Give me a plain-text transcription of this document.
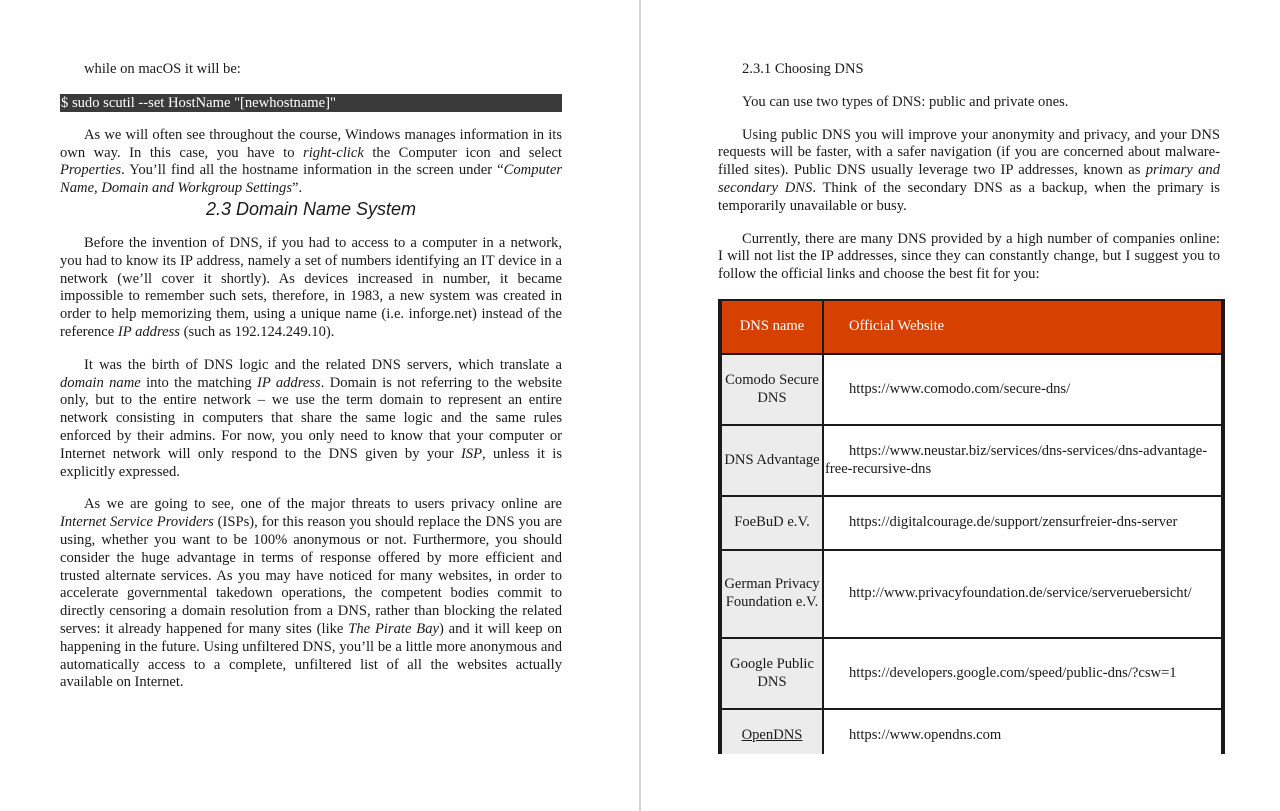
while on macOS it will be:

$ sudo scutil --set HostName "[newhostname]"

As we will often see throughout the course, Windows manages information in its own way. In this case, you have to right-click the Computer icon and select Properties. You’ll find all the hostname information in the screen under “Computer Name, Domain and Workgroup Settings”.

2.3 Domain Name System

Before the invention of DNS, if you had to access to a computer in a network, you had to know its IP address, namely a set of numbers identifying an IT device in a network (we’ll cover it shortly). As devices increased in number, it became impossible to remember such sets, therefore, in 1983, a new system was created in order to help memorizing them, using a unique name (i.e. inforge.net) instead of the reference IP address (such as 192.124.249.10).

It was the birth of DNS logic and the related DNS servers, which translate a domain name into the matching IP address. Domain is not referring to the website only, but to the entire network – we use the term domain to represent an entire network consisting in computers that share the same logic and the same rules enforced by their admins. For now, you only need to know that your computer or Internet network will only respond to the DNS given by your ISP, unless it is explicitly expressed.

As we are going to see, one of the major threats to users privacy online are Internet Service Providers (ISPs), for this reason you should replace the DNS you are using, whether you want to be 100% anonymous or not. Furthermore, you should consider the huge advantage in terms of response offered by more efficient and trusted alternate services. As you may have noticed for many websites, in order to accelerate governmental takedown operations, the competent bodies commit to directly censoring a domain resolution from a DNS, rather than blocking the related serves: it already happened for many sites (like The Pirate Bay) and it will keep on happening in the future. Using unfiltered DNS, you’ll be a little more anonymous and automatically access to a complete, unfiltered list of all the websites actually available on Internet.

2.3.1 Choosing DNS

You can use two types of DNS: public and private ones.

Using public DNS you will improve your anonymity and privacy, and your DNS requests will be faster, with a safer navigation (if you are concerned about malware-filled sites). Public DNS usually leverage two IP addresses, known as primary and secondary DNS. Think of the secondary DNS as a backup, when the primary is temporarily unavailable or busy.

Currently, there are many DNS provided by a high number of companies online: I will not list the IP addresses, since they can constantly change, but I suggest you to follow the official links and choose the best fit for you:

DNS name	Official Website
Comodo Secure DNS	https://www.comodo.com/secure-dns/
DNS Advantage	https://www.neustar.biz/services/dns-services/dns-advantage-free-recursive-dns
FoeBuD e.V.	https://digitalcourage.de/support/zensurfreier-dns-server
German Privacy Foundation e.V.	http://www.privacyfoundation.de/service/serveruebersicht/
Google Public DNS	https://developers.google.com/speed/public-dns/?csw=1
OpenDNS	https://www.opendns.com
